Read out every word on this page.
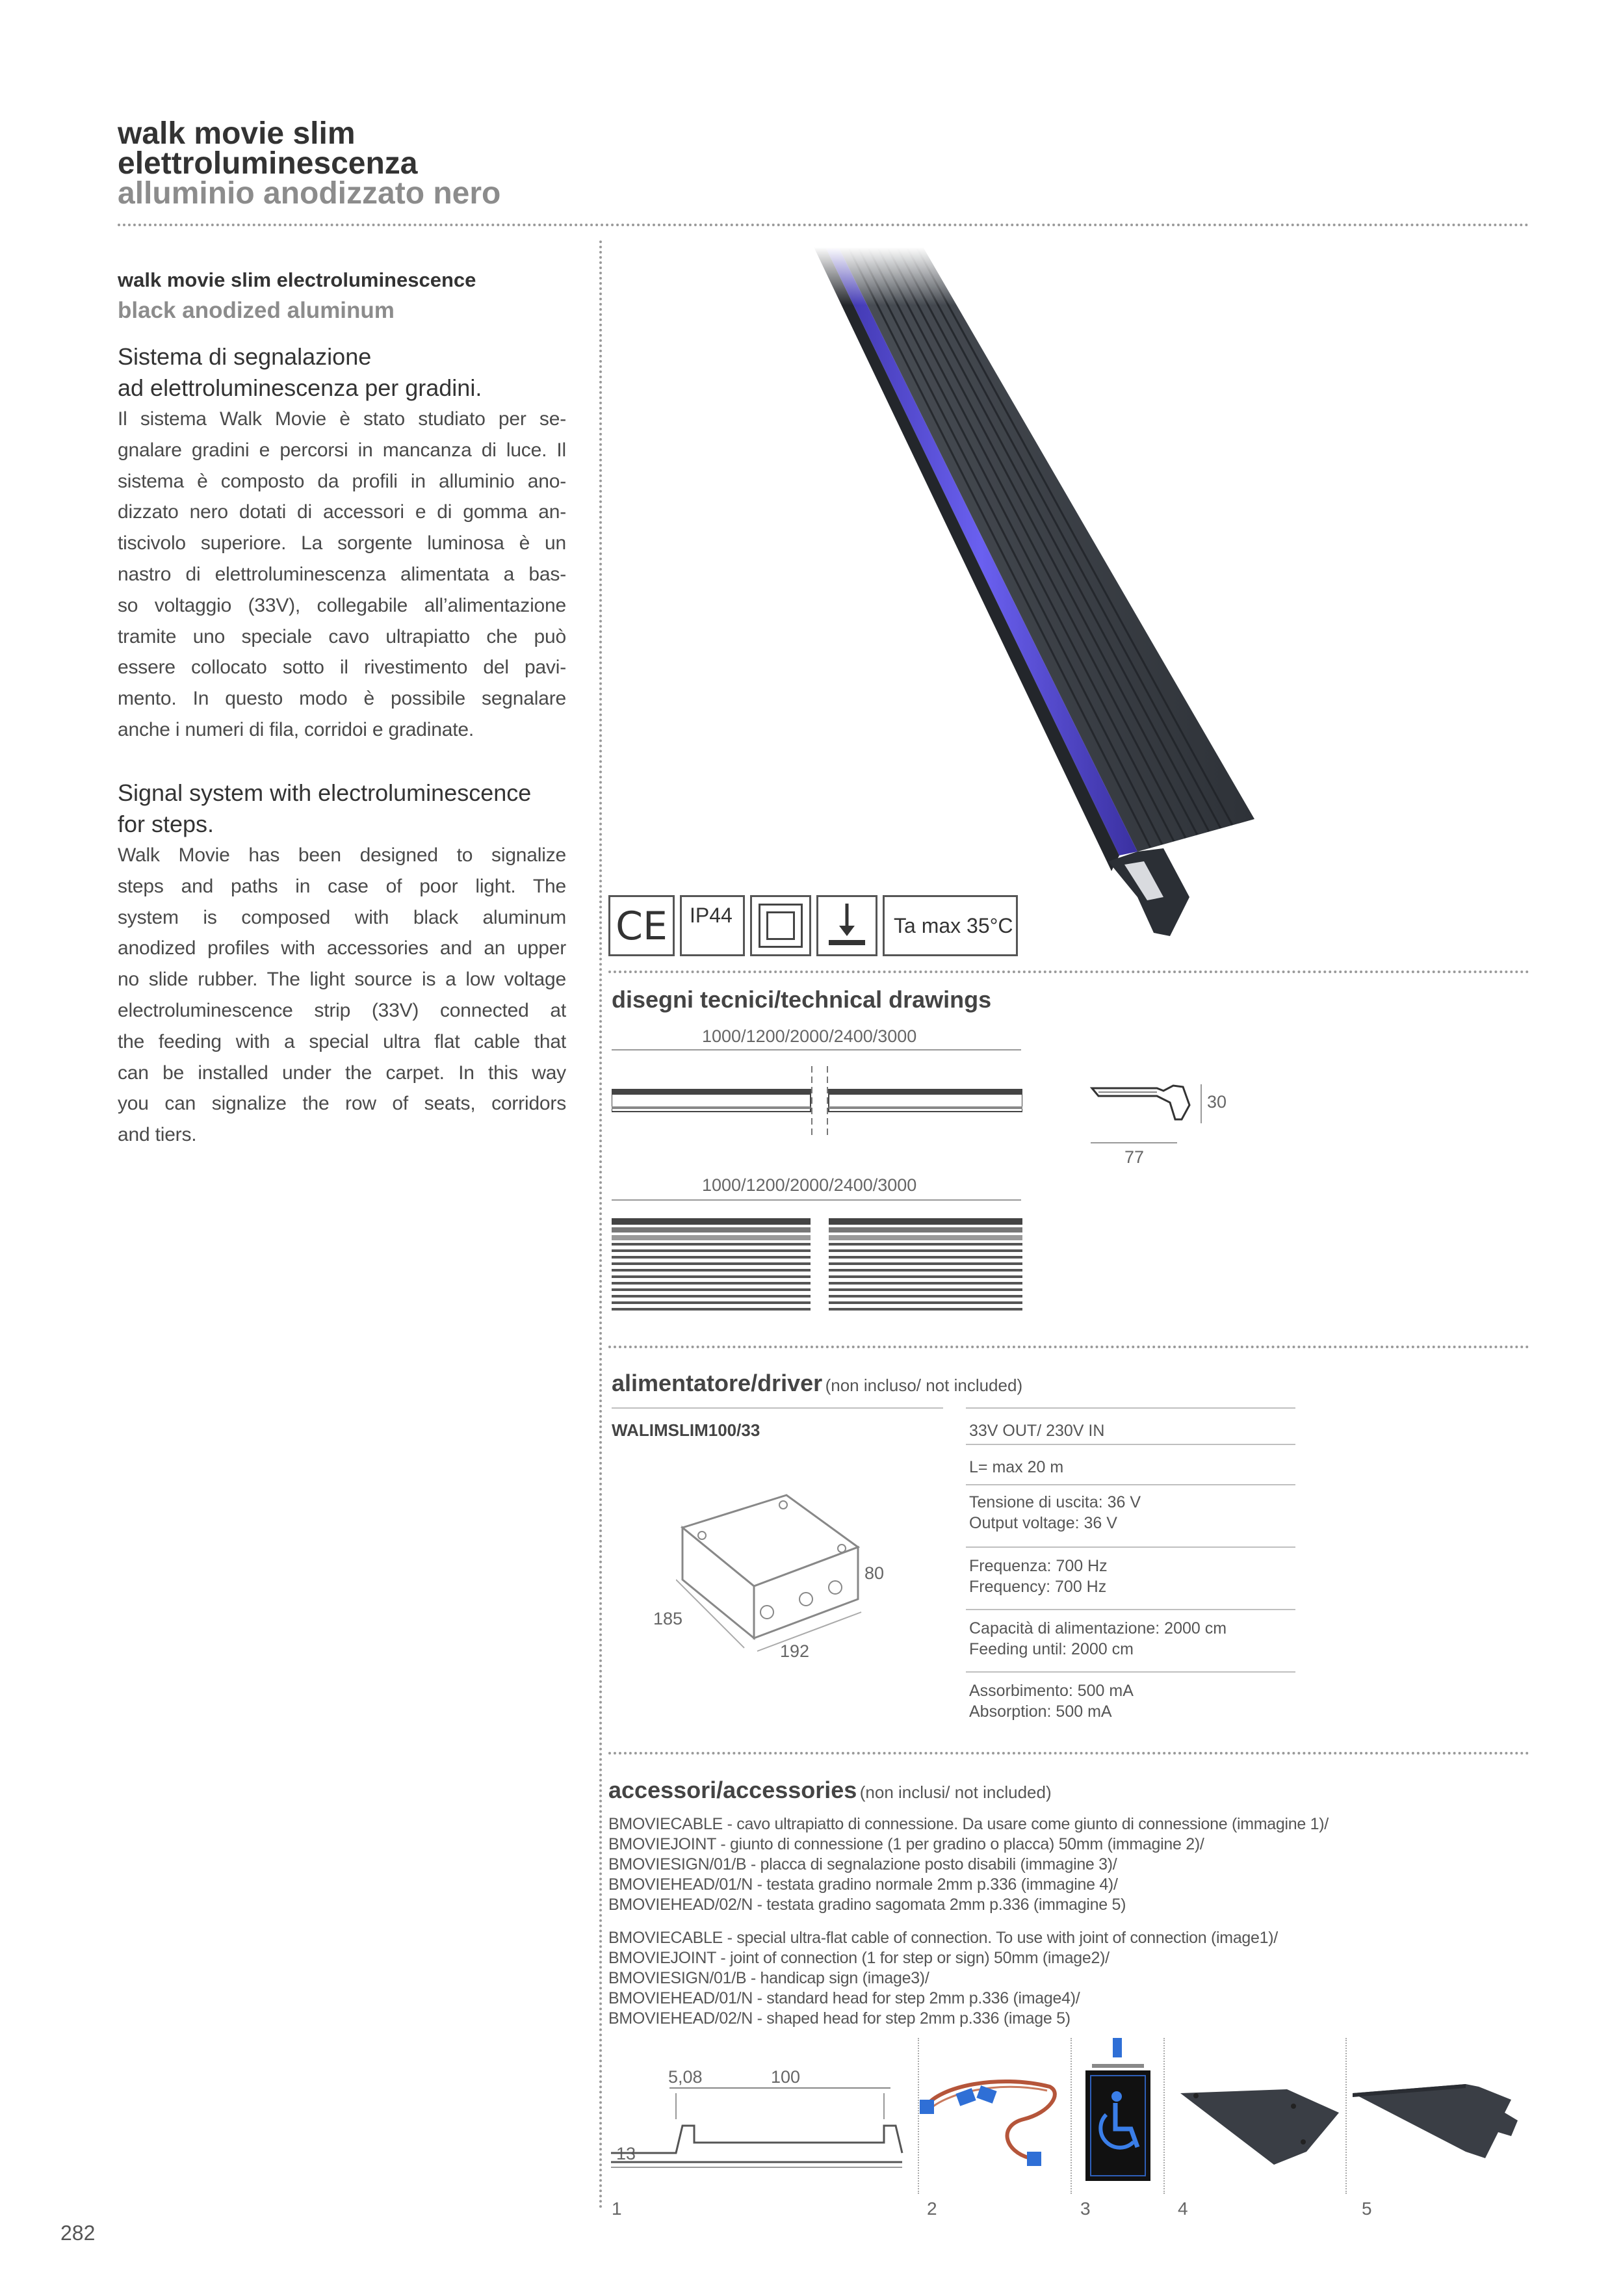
walk movie slim
elettroluminescenza
alluminio anodizzato nero
walk movie slim electroluminescence
black anodized aluminum
Sistema di segnalazione
ad elettroluminescenza per gradini.
Il sistema Walk Movie è stato studiato per se-
gnalare gradini e percorsi in mancanza di luce. Il
sistema è composto da profili in alluminio ano-
dizzato nero dotati di accessori e di gomma an-
tiscivolo superiore. La sorgente luminosa è un
nastro di elettroluminescenza alimentata a bas-
so voltaggio (33V), collegabile all’alimentazione
tramite uno speciale cavo ultrapiatto che può
essere collocato sotto il rivestimento del pavi-
mento. In questo modo è possibile segnalare
anche i numeri di fila, corridoi e gradinate.
Signal system with electroluminescence
for steps.
Walk Movie has been designed to signalize
steps and paths in case of poor light. The
system is composed with black aluminum
anodized profiles with accessories and an upper
no slide rubber. The light source is a low voltage
electroluminescence strip (33V) connected at
the feeding with a special ultra flat cable that
can be installed under the carpet. In this way
you can signalize the row of seats, corridors
and tiers.
282
CE	IP44	Ta max 35°C
disegni tecnici/technical drawings
1000/1200/2000/2400/3000
30
77
1000/1200/2000/2400/3000
alimentatore/driver (non incluso/ not included)
WALIMSLIM100/33
185
192
80
33V OUT/ 230V IN
L= max 20 m
Tensione di uscita: 36 V
Output voltage: 36 V
Frequenza: 700 Hz
Frequency: 700 Hz
Capacità di alimentazione: 2000 cm
Feeding until: 2000 cm
Assorbimento: 500 mA
Absorption: 500 mA
accessori/accessories (non inclusi/ not included)
BMOVIECABLE - cavo ultrapiatto di connessione. Da usare come giunto di connessione (immagine 1)/
BMOVIEJOINT - giunto di connessione (1 per gradino o placca) 50mm (immagine 2)/
BMOVIESIGN/01/B - placca di segnalazione posto disabili (immagine 3)/
BMOVIEHEAD/01/N - testata gradino normale 2mm p.336 (immagine 4)/
BMOVIEHEAD/02/N - testata gradino sagomata 2mm p.336 (immagine 5)
BMOVIECABLE - special ultra-flat cable of connection. To use with joint of connection (image1)/
BMOVIEJOINT - joint of connection (1 for step or sign) 50mm (image2)/
BMOVIESIGN/01/B - handicap sign (image3)/
BMOVIEHEAD/01/N - standard head for step 2mm p.336 (image4)/
BMOVIEHEAD/02/N - shaped head for step 2mm p.336 (image 5)
5,08	100
13
1	2	3	4	5
